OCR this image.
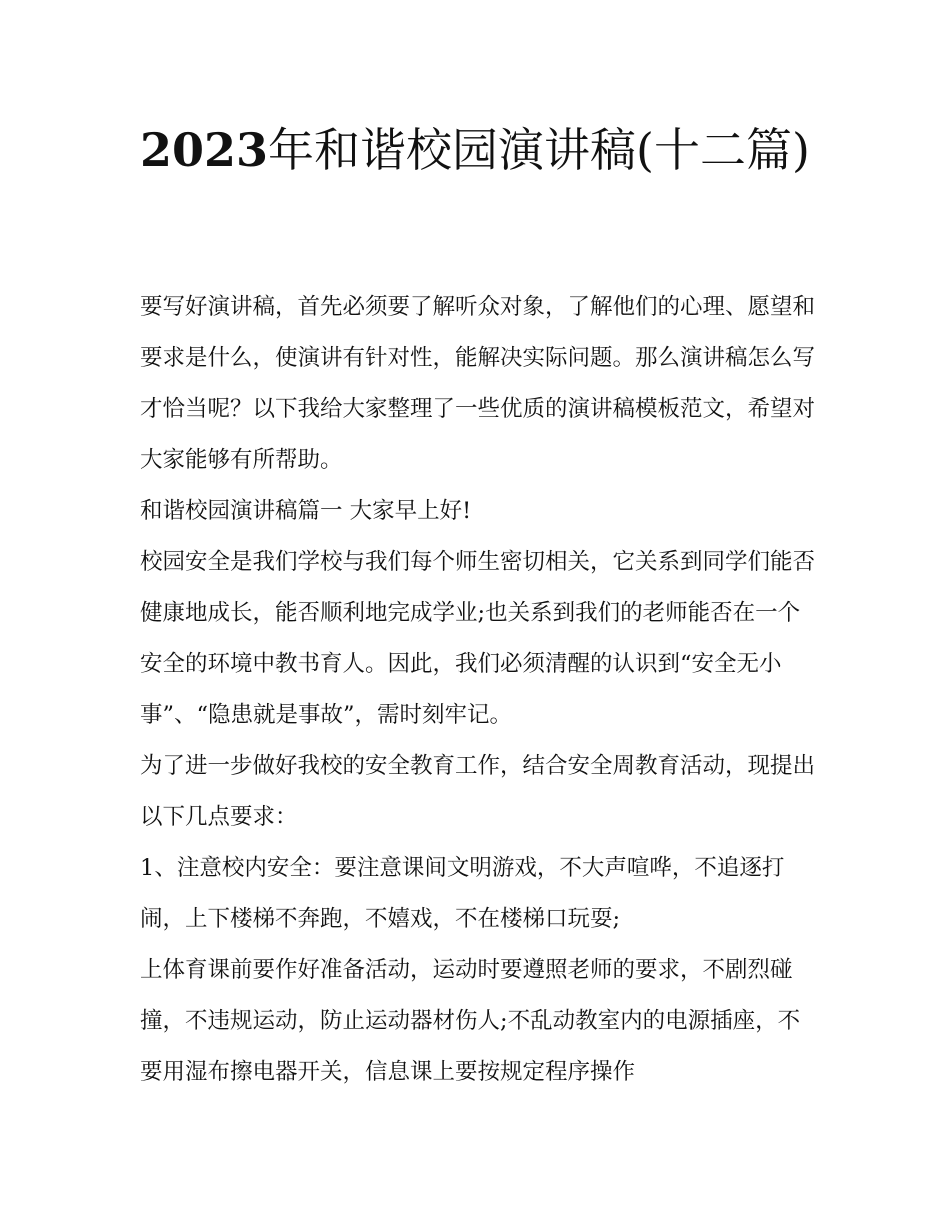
2023年和谐校园演讲稿(十二篇)

要写好演讲稿，首先必须要了解听众对象，了解他们的心理、愿望和要求是什么，使演讲有针对性，能解决实际问题。那么演讲稿怎么写才恰当呢？以下我给大家整理了一些优质的演讲稿模板范文，希望对大家能够有所帮助。

和谐校园演讲稿篇一 大家早上好!

校园安全是我们学校与我们每个师生密切相关，它关系到同学们能否健康地成长，能否顺利地完成学业;也关系到我们的老师能否在一个安全的环境中教书育人。因此，我们必须清醒的认识到“安全无小事”、“隐患就是事故”，需时刻牢记。

为了进一步做好我校的安全教育工作，结合安全周教育活动，现提出以下几点要求：

1、注意校内安全：要注意课间文明游戏，不大声喧哗，不追逐打闹，上下楼梯不奔跑，不嬉戏，不在楼梯口玩耍;

上体育课前要作好准备活动，运动时要遵照老师的要求，不剧烈碰撞，不违规运动，防止运动器材伤人;不乱动教室内的电源插座，不要用湿布擦电器开关，信息课上要按规定程序操作
